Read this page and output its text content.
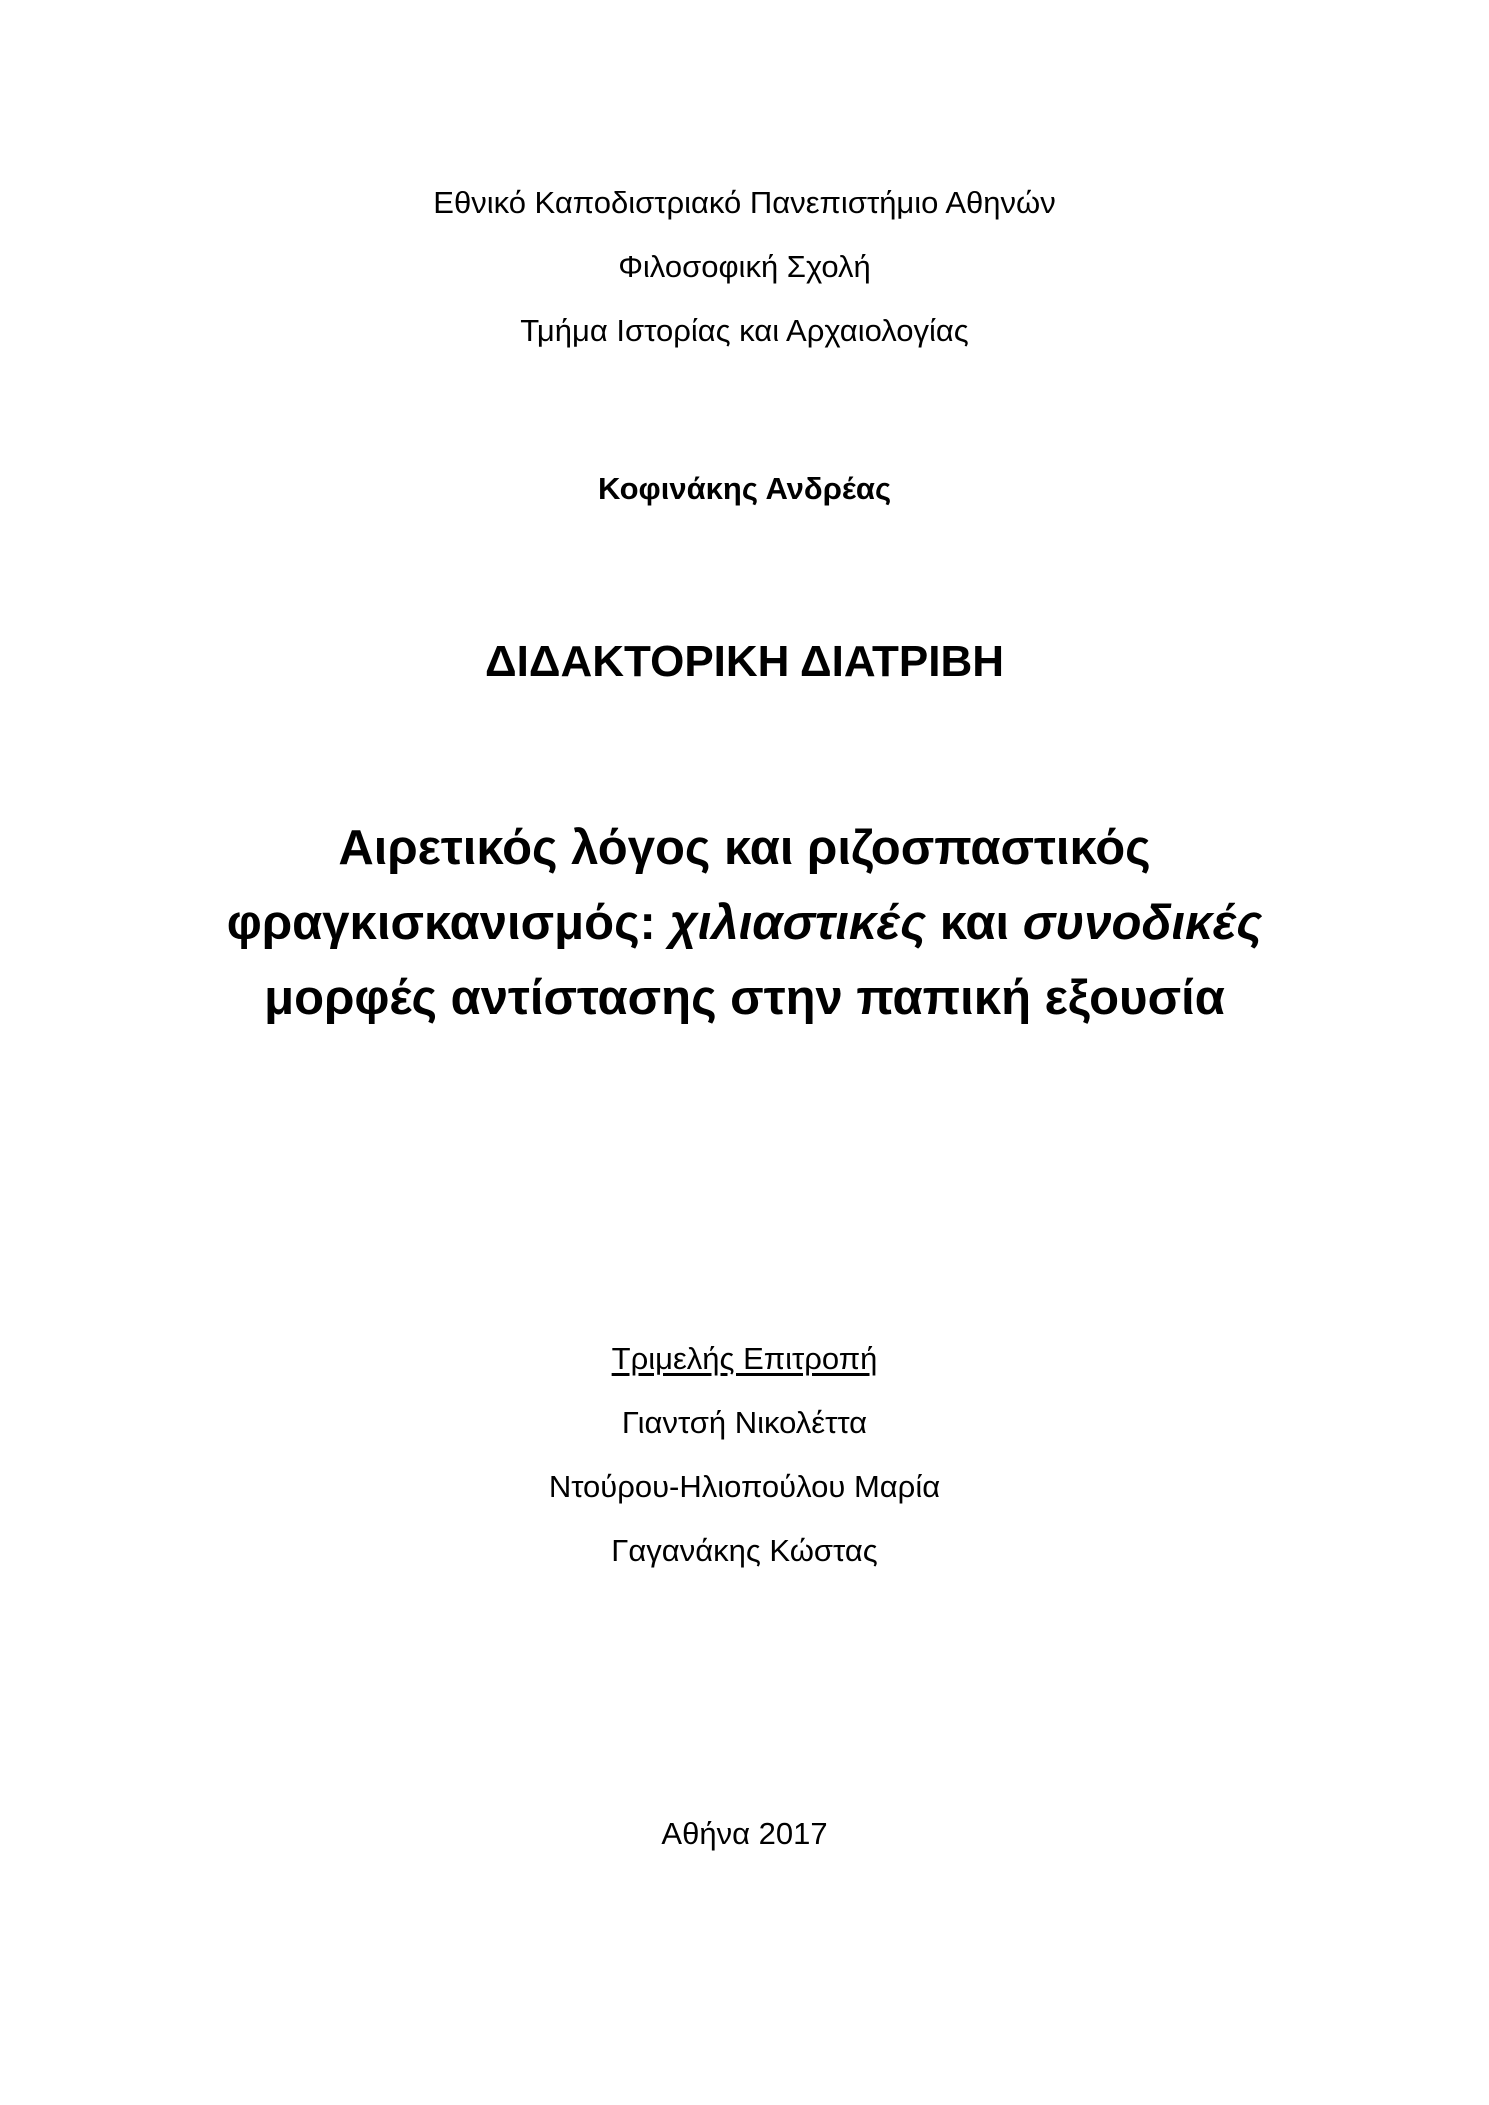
Εθνικό Καποδιστριακό Πανεπιστήμιο Αθηνών
Φιλοσοφική Σχολή
Τμήμα Ιστορίας και Αρχαιολογίας
Κοφινάκης Ανδρέας
ΔΙΔΑΚΤΟΡΙΚΗ ΔΙΑΤΡΙΒΗ
Αιρετικός λόγος και ριζοσπαστικός
φραγκισκανισμός: χιλιαστικές και συνοδικές
μορφές αντίστασης στην παπική εξουσία
Τριμελής Επιτροπή
Γιαντσή Νικολέττα
Ντούρου-Ηλιοπούλου Μαρία
Γαγανάκης Κώστας
Αθήνα 2017
